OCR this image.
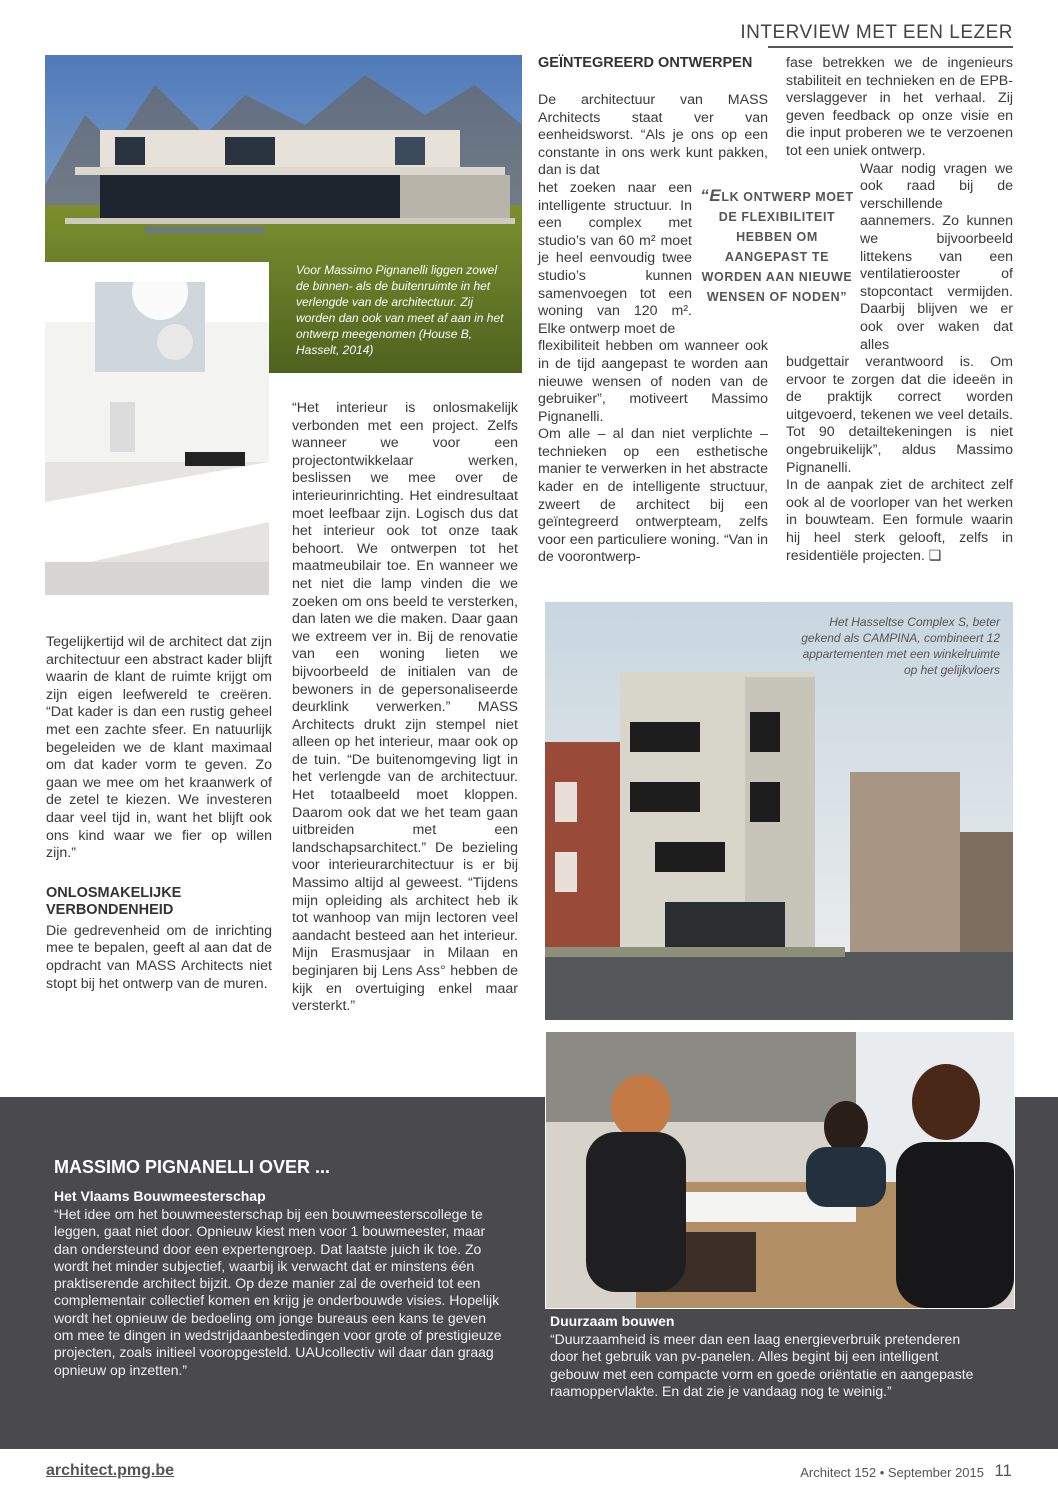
INTERVIEW MET EEN LEZER
Voor Massimo Pignanelli liggen zowel de binnen- als de buitenruimte in het verlengde van de architectuur. Zij worden dan ook van meet af aan in het ontwerp meegenomen (House B, Hasselt, 2014)
Tegelijkertijd wil de architect dat zijn architectuur een abstract kader blijft waarin de klant de ruimte krijgt om zijn eigen leefwereld te creëren. “Dat kader is dan een rustig geheel met een zachte sfeer. En natuurlijk begeleiden we de klant maximaal om dat kader vorm te geven. Zo gaan we mee om het kraanwerk of de zetel te kiezen. We investeren daar veel tijd in, want het blijft ook ons kind waar we fier op willen zijn.”
ONLOSMAKELIJKE VERBONDENHEID
Die gedrevenheid om de inrichting mee te bepalen, geeft al aan dat de opdracht van MASS Architects niet stopt bij het ontwerp van de muren.
“Het interieur is onlosmakelijk verbonden met een project. Zelfs wanneer we voor een projectontwikkelaar werken, beslissen we mee over de interieurinrichting. Het eindresultaat moet leefbaar zijn. Logisch dus dat het interieur ook tot onze taak behoort. We ontwerpen tot het maatmeubilair toe. En wanneer we net niet die lamp vinden die we zoeken om ons beeld te versterken, dan laten we die maken. Daar gaan we extreem ver in. Bij de renovatie van een woning lieten we bijvoorbeeld de initialen van de bewoners in de gepersonaliseerde deurklink verwerken.” MASS Architects drukt zijn stempel niet alleen op het interieur, maar ook op de tuin. “De buitenomgeving ligt in het verlengde van de architectuur. Het totaalbeeld moet kloppen. Daarom ook dat we het team gaan uitbreiden met een landschapsarchitect.” De bezieling voor interieurarchitectuur is er bij Massimo altijd al geweest. “Tijdens mijn opleiding als architect heb ik tot wanhoop van mijn lectoren veel aandacht besteed aan het interieur. Mijn Erasmusjaar in Milaan en beginjaren bij Lens Ass° hebben de kijk en overtuiging enkel maar versterkt.”
GEÏNTEGREERD ONTWERPEN
De architectuur van MASS Architects staat ver van eenheidsworst. “Als je ons op een constante in ons werk kunt pakken, dan is dat
het zoeken naar een intelligente structuur. In een complex met studio’s van 60 m² moet je heel eenvoudig twee studio’s kunnen samenvoegen tot een woning van 120 m². Elke ontwerp moet de
flexibiliteit hebben om wanneer ook in de tijd aangepast te worden aan nieuwe wensen of noden van de gebruiker”, motiveert Massimo Pignanelli.
Om alle – al dan niet verplichte – technieken op een esthetische manier te verwerken in het abstracte kader en de intelligente structuur, zweert de architect bij een geïntegreerd ontwerpteam, zelfs voor een particuliere woning. “Van in de voorontwerp-
“ELK ONTWERP MOET DE FLEXIBILITEIT HEBBEN OM AANGEPAST TE WORDEN AAN NIEUWE WENSEN OF NODEN”
fase betrekken we de ingenieurs stabiliteit en technieken en de EPB-verslaggever in het verhaal. Zij geven feedback op onze visie en die input proberen we te verzoenen tot een uniek ontwerp.
Waar nodig vragen we ook raad bij de verschillende aannemers. Zo kunnen we bijvoorbeeld littekens van een ventilatierooster of stopcontact vermijden. Daarbij blijven we er ook over waken dat alles
budgettair verantwoord is. Om ervoor te zorgen dat die ideeën in de praktijk correct worden uitgevoerd, tekenen we veel details. Tot 90 detailtekeningen is niet ongebruikelijk”, aldus Massimo Pignanelli.
In de aanpak ziet de architect zelf ook al de voorloper van het werken in bouwteam. Een formule waarin hij heel sterk gelooft, zelfs in residentiële projecten. ❑
Het Hasseltse Complex S, beter gekend als CAMPINA, combineert 12 appartementen met een winkelruimte op het gelijkvloers
MASSIMO PIGNANELLI OVER ...
Het Vlaams Bouwmeesterschap
“Het idee om het bouwmeesterschap bij een bouwmeesterscollege te leggen, gaat niet door. Opnieuw kiest men voor 1 bouwmeester, maar dan ondersteund door een expertengroep. Dat laatste juich ik toe. Zo wordt het minder subjectief, waarbij ik verwacht dat er minstens één praktiserende architect bijzit. Op deze manier zal de overheid tot een complementair collectief komen en krijg je onderbouwde visies. Hopelijk wordt het opnieuw de bedoeling om jonge bureaus een kans te geven om mee te dingen in wedstrijdaanbestedingen voor grote of prestigieuze projecten, zoals initieel vooropgesteld. UAUcollectiv wil daar dan graag opnieuw op inzetten.”
Duurzaam bouwen
“Duurzaamheid is meer dan een laag energieverbruik pretenderen door het gebruik van pv-panelen. Alles begint bij een intelligent gebouw met een compacte vorm en goede oriëntatie en aangepaste raamoppervlakte. En dat zie je vandaag nog te weinig.”
architect.pmg.be	Architect 152 • September 2015 11
